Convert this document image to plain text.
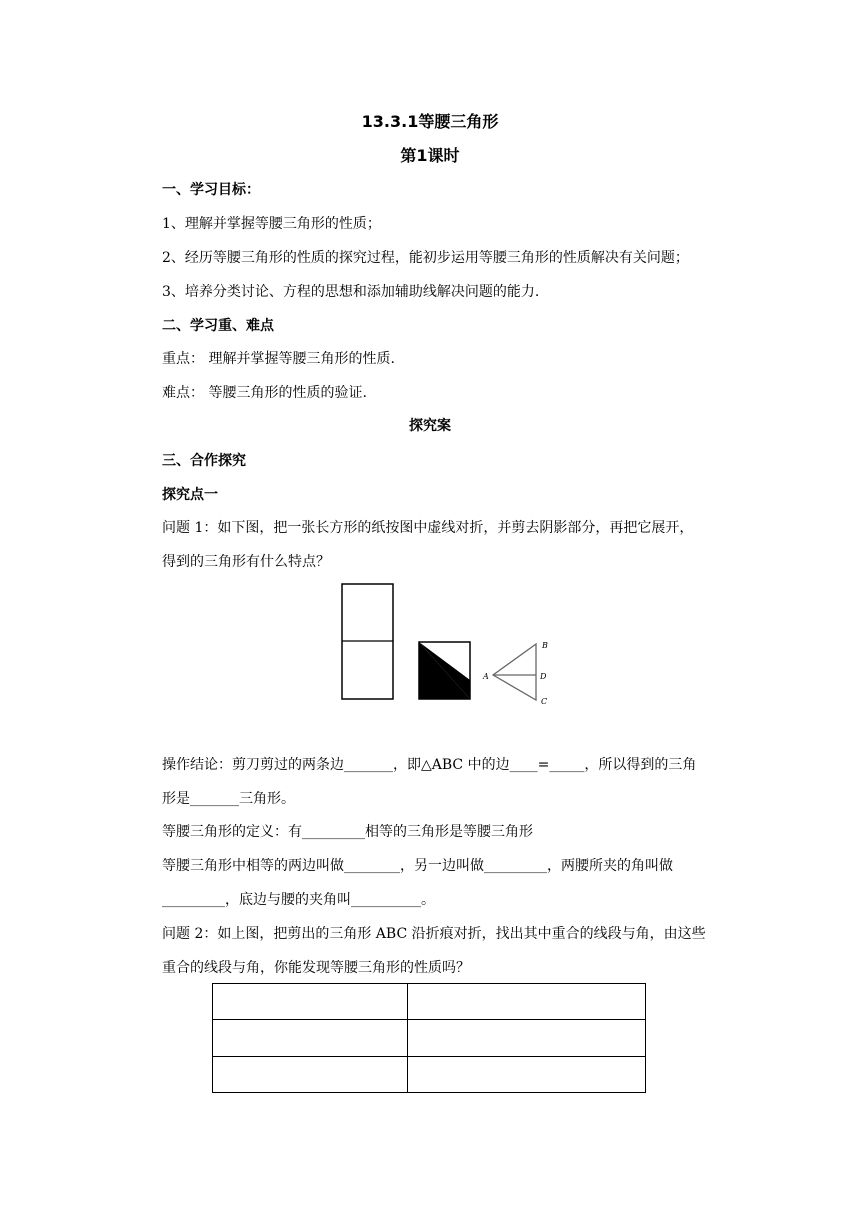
13.3.1等腰三角形
第1课时
一、学习目标：
1、理解并掌握等腰三角形的性质；
2、经历等腰三角形的性质的探究过程，能初步运用等腰三角形的性质解决有关问题；
3、培养分类讨论、方程的思想和添加辅助线解决问题的能力.
二、学习重、难点
重点： 理解并掌握等腰三角形的性质.
难点： 等腰三角形的性质的验证.
探究案
三、合作探究
探究点一
问题 1：如下图，把一张长方形的纸按图中虚线对折，并剪去阴影部分，再把它展开，
得到的三角形有什么特点？
A
B
D
C
操作结论：剪刀剪过的两条边_______，即△ABC 中的边____=_____，所以得到的三角
形是_______三角形。
等腰三角形的定义：有_________相等的三角形是等腰三角形
等腰三角形中相等的两边叫做________，另一边叫做_________，两腰所夹的角叫做
_________，底边与腰的夹角叫__________。
问题 2：如上图，把剪出的三角形 ABC 沿折痕对折，找出其中重合的线段与角，由这些
重合的线段与角，你能发现等腰三角形的性质吗？
